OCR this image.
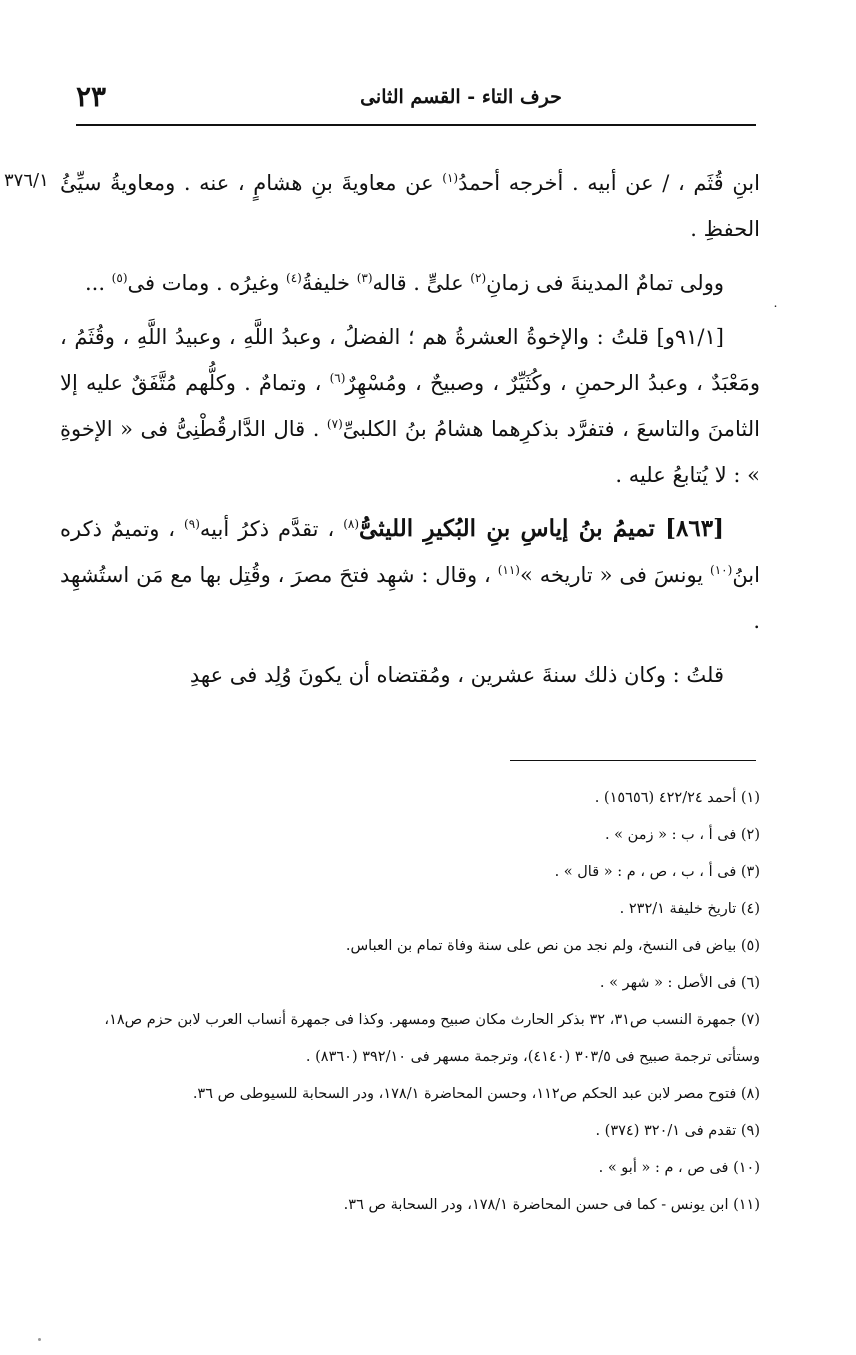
٢٣	حرف التاء - القسم الثانى
٣٧٦/١
˙

ابنِ قُثَم ، / عن أبيه . أخرجه أحمدُ$^{(١)}$ عن معاويةَ بنِ هشامٍ ، عنه . ومعاويةُ سيِّئُ الحفظِ .

وولى تمامٌ المدينةَ فى زمانِ$^{(٢)}$ علىٍّ . قاله$^{(٣)}$ خليفةُ$^{(٤)}$ وغيرُه . ومات فى$^{(٥)}$ ...

[٩١/١و] قلتُ : والإخوةُ العشرةُ هم ؛ الفضلُ ، وعبدُ اللَّهِ ، وعبيدُ اللَّهِ ، وقُثَمُ ، ومَعْبَدٌ ، وعبدُ الرحمنِ ، وكُثَيِّرٌ ، وصبيحٌ ، ومُسْهِرٌ$^{(٦)}$ ، وتمامٌ . وكلُّهم مُتَّفَقٌ عليه إلا الثامنَ والتاسعَ ، فتفرَّد بذكرِهما هشامُ بنُ الكلبىِّ$^{(٧)}$ . قال الدَّارقُطْنِىُّ فى « الإخوةِ » : لا يُتابعُ عليه .

[٨٦٣] تميمُ بنُ إياسِ بنِ البُكيرِ الليثىُّ$^{(٨)}$ ، تقدَّم ذكرُ أبيه$^{(٩)}$ ، وتميمٌ ذكره ابنُ$^{(١٠)}$ يونسَ فى « تاريخه »$^{(١١)}$ ، وقال : شهِد فتحَ مصرَ ، وقُتِل بها مع مَن استُشهِد .

قلتُ : وكان ذلك سنةَ عشرين ، ومُقتضاه أن يكونَ وُلِد فى عهدِ

(١) أحمد ٤٢٢/٢٤ (١٥٦٥٦) .

(٢) فى أ ، ب : « زمن » .

(٣) فى أ ، ب ، ص ، م : « قال » .

(٤) تاريخ خليفة ٢٣٢/١ .

(٥) بياض فى النسخ، ولم نجد من نص على سنة وفاة تمام بن العباس.

(٦) فى الأصل : « شهر » .

(٧) جمهرة النسب ص٣١، ٣٢ بذكر الحارث مكان صبيح ومسهر. وكذا فى جمهرة أنساب العرب لابن حزم ص١٨، وستأتى ترجمة صبيح فى ٣٠٣/٥ (٤١٤٠)، وترجمة مسهر فى ٣٩٢/١٠ (٨٣٦٠) .

(٨) فتوح مصر لابن عبد الحكم ص١١٢، وحسن المحاضرة ١٧٨/١، ودر السحابة للسيوطى ص ٣٦.

(٩) تقدم فى ٣٢٠/١ (٣٧٤) .

(١٠) فى ص ، م : « أبو » .

(١١) ابن يونس - كما فى حسن المحاضرة ١٧٨/١، ودر السحابة ص ٣٦.
